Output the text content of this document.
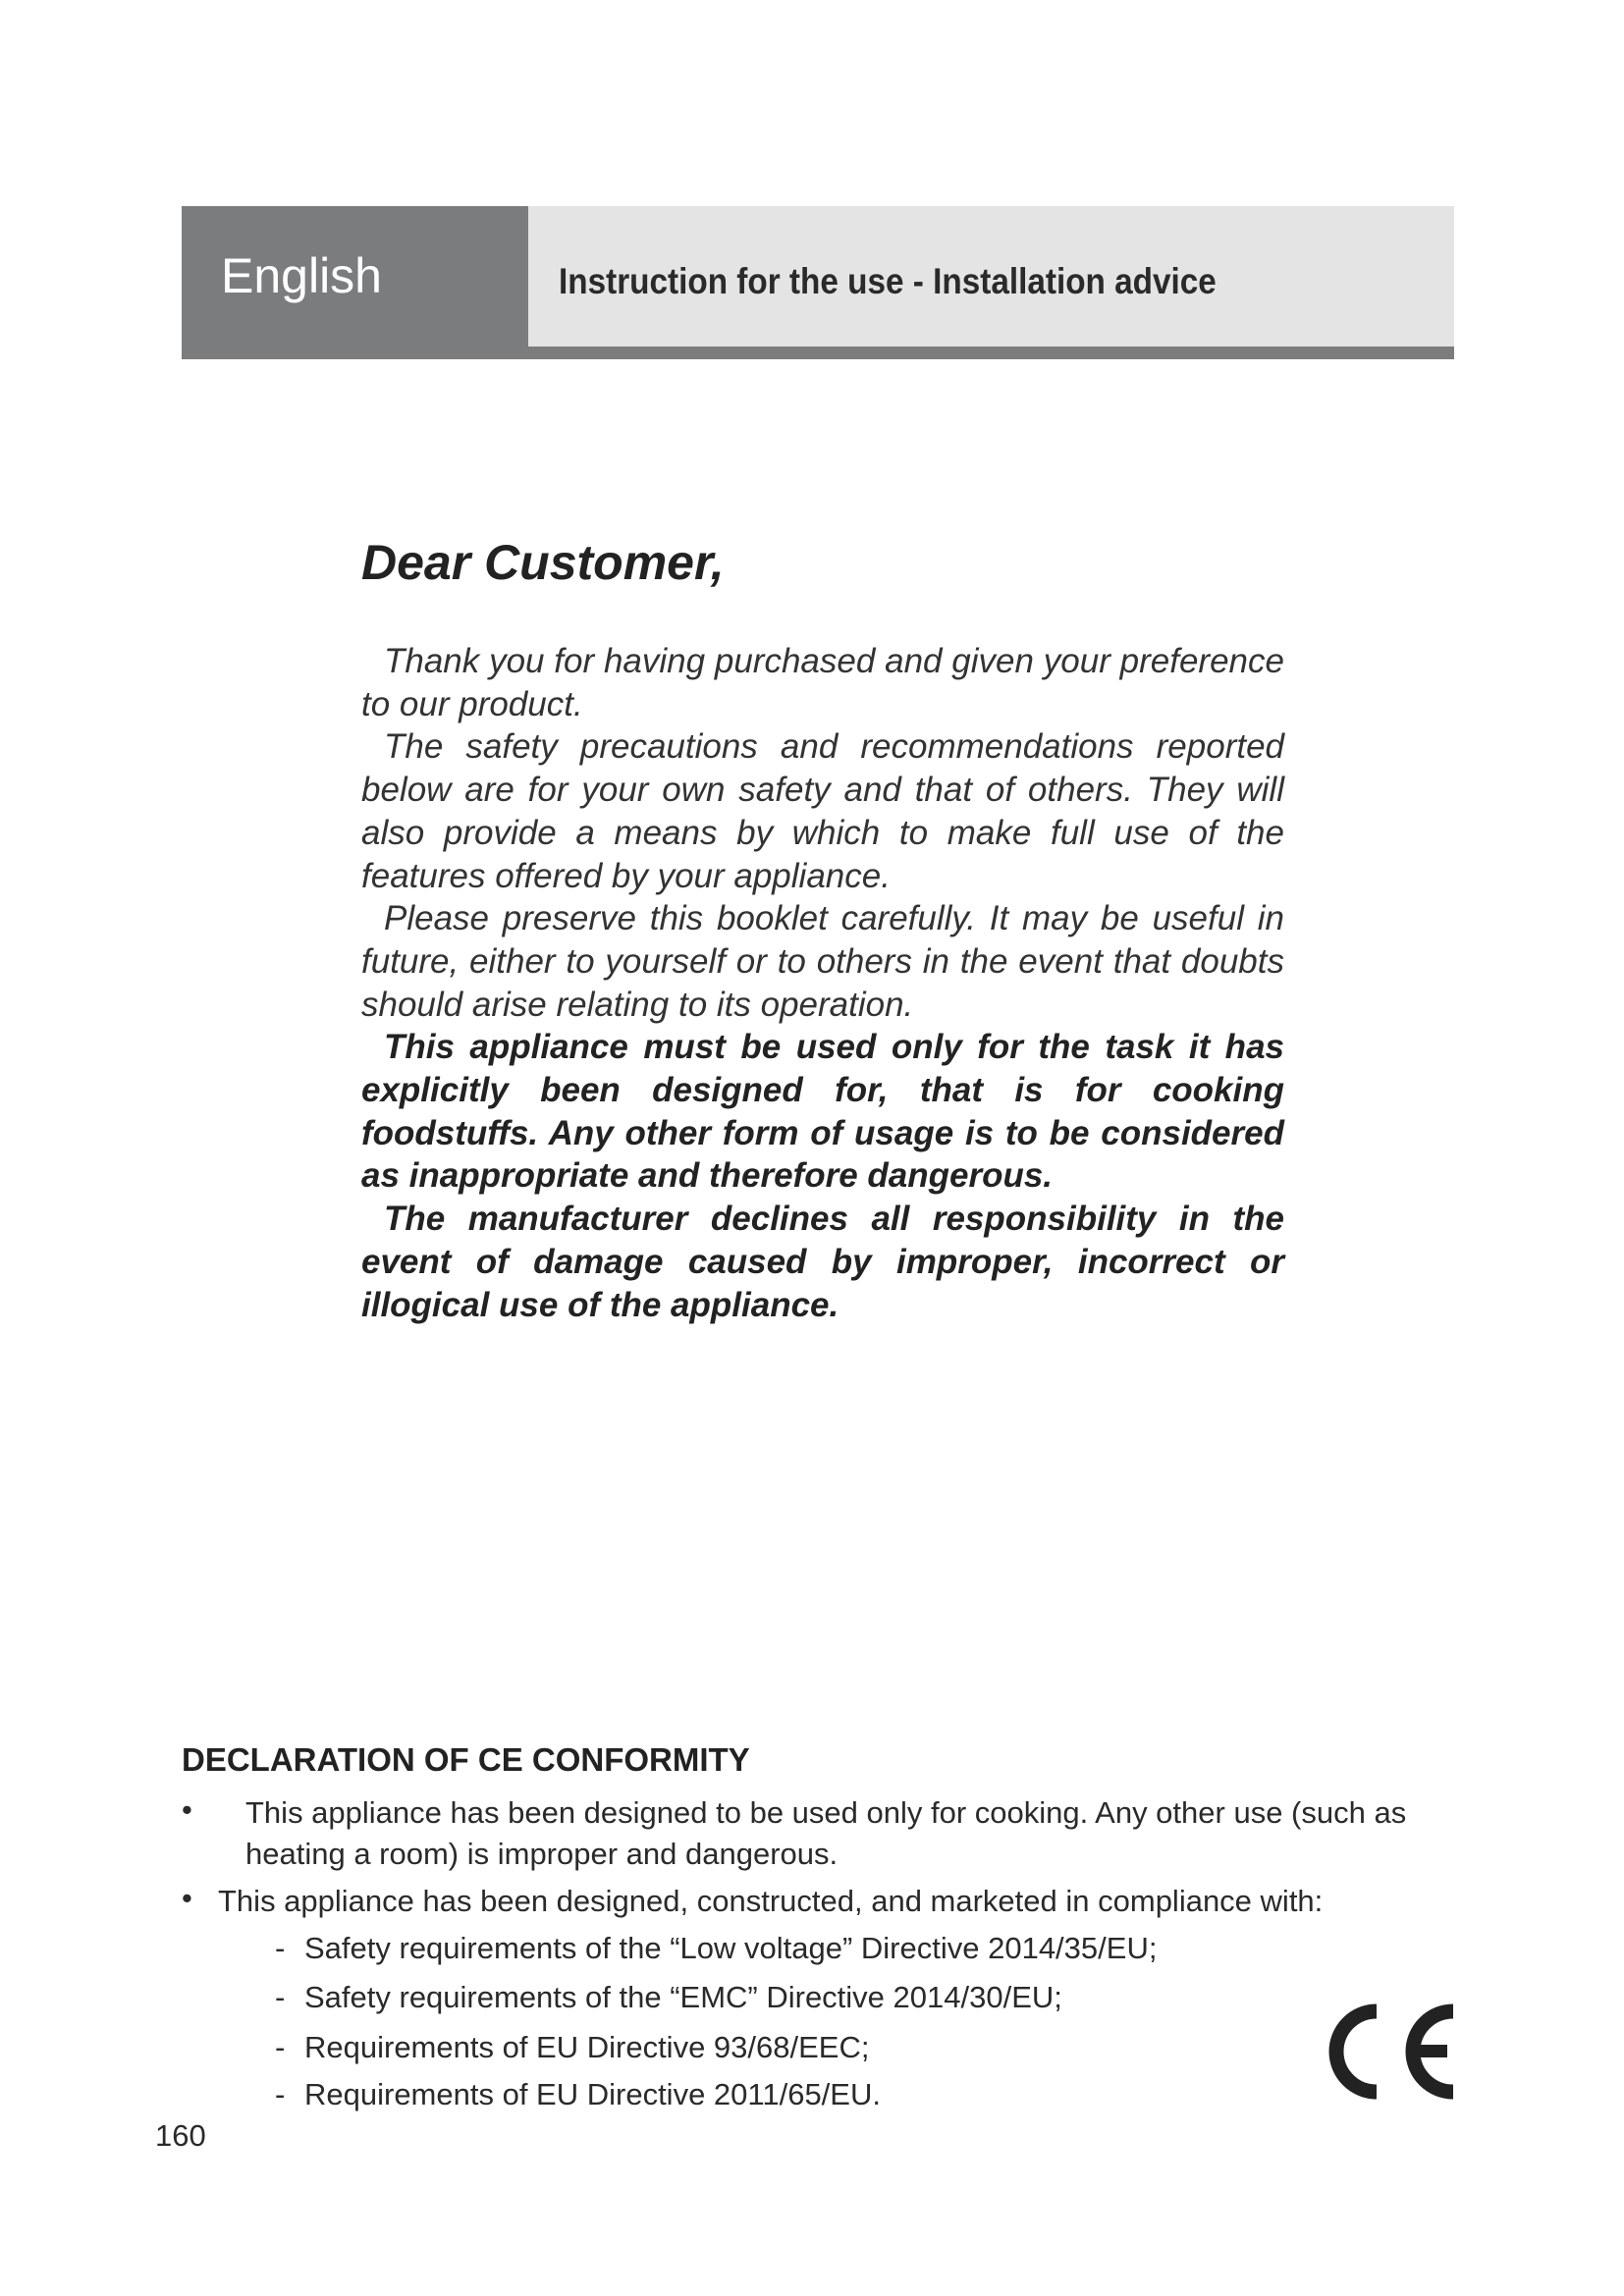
English	Instruction for the use - Installation advice
Dear Customer,

Thank you for having purchased and given your preference to our product.

The safety precautions and recommendations reported below are for your own safety and that of others. They will also provide a means by which to make full use of the features offered by your appliance.

Please preserve this booklet carefully. It may be useful in future, either to yourself or to others in the event that doubts should arise relating to its operation.

This appliance must be used only for the task it has explicitly been designed for, that is for cooking foodstuffs. Any other form of usage is to be considered as inappropriate and therefore dangerous.

The manufacturer declines all responsibility in the event of damage caused by improper, incorrect or illogical use of the appliance.

DECLARATION OF CE CONFORMITY
• This appliance has been designed to be used only for cooking. Any other use (such as heating a room) is improper and dangerous.
• This appliance has been designed, constructed, and marketed in compliance with:
- Safety requirements of the “Low voltage” Directive 2014/35/EU;
- Safety requirements of the “EMC” Directive 2014/30/EU;
- Requirements of EU Directive 93/68/EEC;
- Requirements of EU Directive 2011/65/EU.
160
